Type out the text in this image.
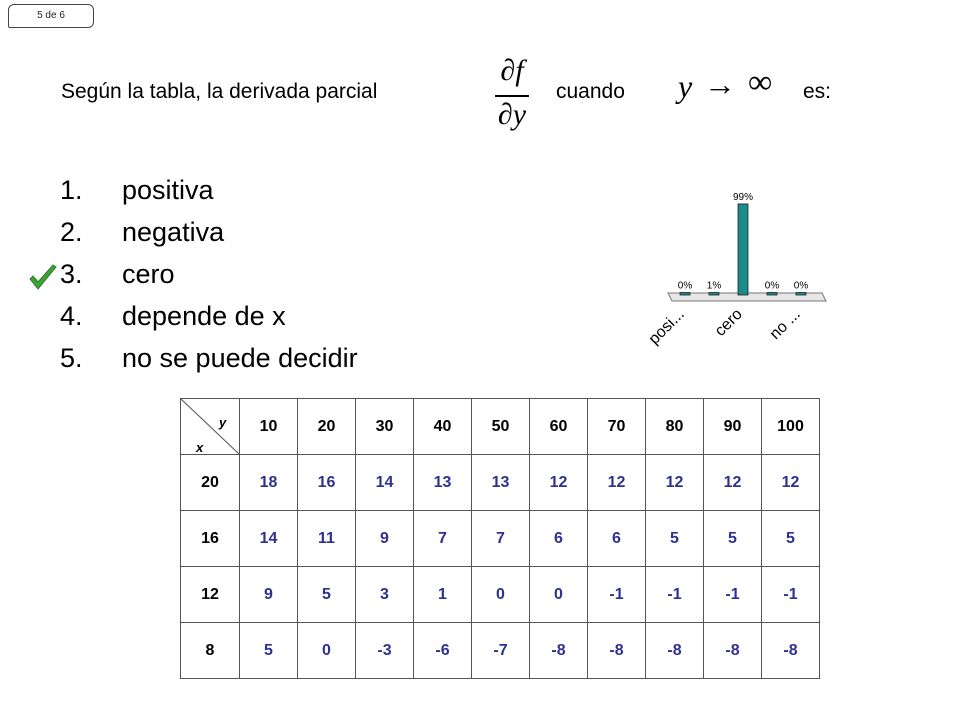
5 de 6
Según la tabla, la derivada parcial
∂f
∂y
cuando y → ∞ es:
1. positiva
2. negativa
3. cero
4. depende de x
5. no se puede decidir
0% 1%
99%
0% 0%
posi... cero no ...
y
x	10	20	30	40	50	60	70	80	90	100
20	18	16	14	13	13	12	12	12	12	12
16	14	11	9	7	7	6	6	5	5	5
12	9	5	3	1	0	0	-1	-1	-1	-1
8	5	0	-3	-6	-7	-8	-8	-8	-8	-8
